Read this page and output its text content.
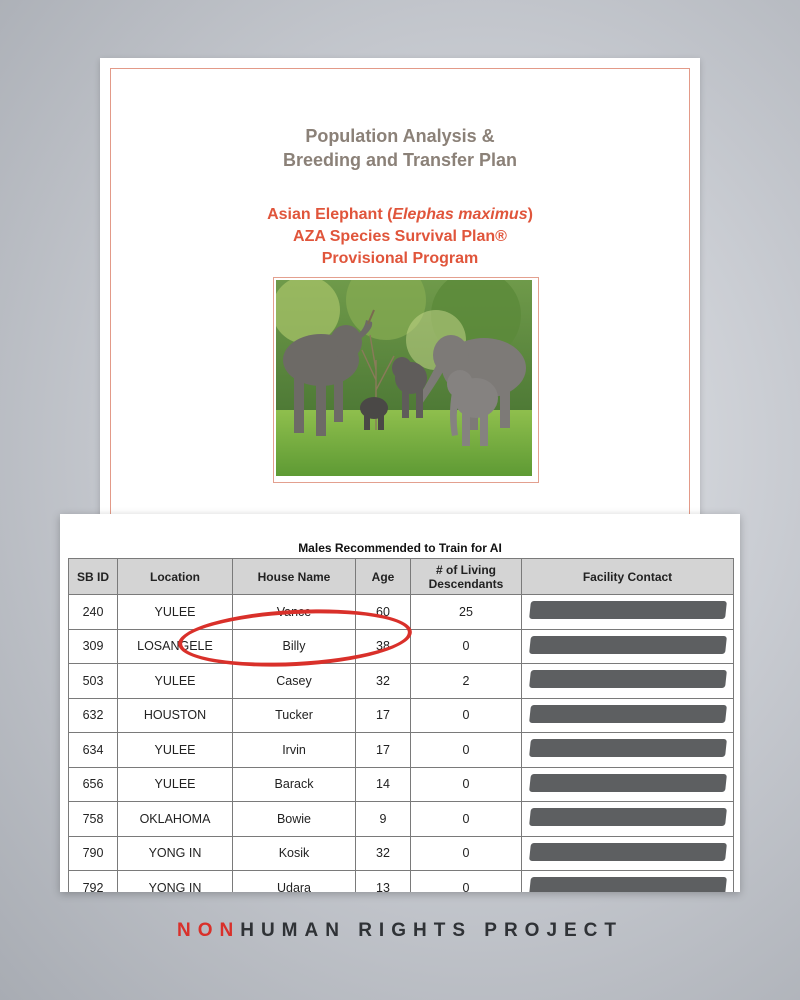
Population Analysis &
Breeding and Transfer Plan
Asian Elephant (Elephas maximus)
AZA Species Survival Plan®
Provisional Program
Males Recommended to Train for AI
SB ID	Location	House Name	Age	# of Living Descendants	Facility Contact
240	YULEE	Vance	60	25	
309	LOSANGELE	Billy	38	0	
503	YULEE	Casey	32	2	
632	HOUSTON	Tucker	17	0	
634	YULEE	Irvin	17	0	
656	YULEE	Barack	14	0	
758	OKLAHOMA	Bowie	9	0	
790	YONG IN	Kosik	32	0	
792	YONG IN	Udara	13	0	
NONHUMAN RIGHTS PROJECT
